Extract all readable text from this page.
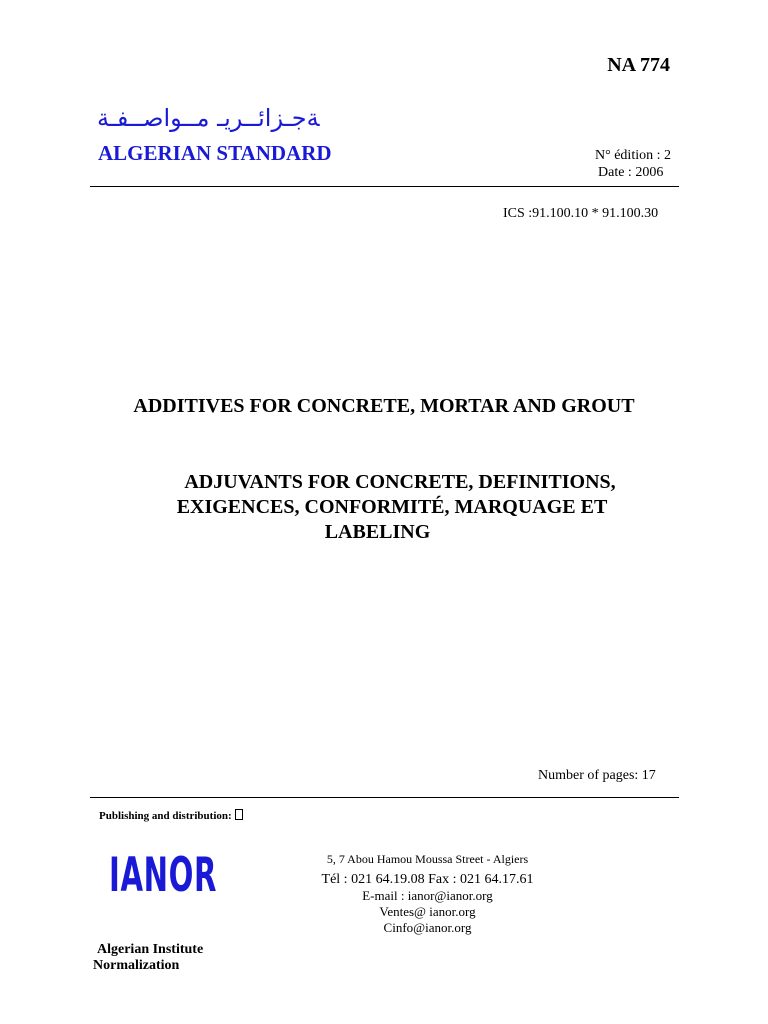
NA 774
ﺔﺟـﺰاﺋــﺮﯾـ ﻣــﻮاﺻــﻔـﺔ
ALGERIAN STANDARD	N° édition : 2
Date : 2006
ICS :91.100.10 * 91.100.30
ADDITIVES FOR CONCRETE, MORTAR AND GROUT
ADJUVANTS FOR CONCRETE, DEFINITIONS,
EXIGENCES, CONFORMITÉ, MARQUAGE ET
LABELING
Number of pages: 17
Publishing and distribution:
IANOR
Algerian Institute
Normalization
5, 7 Abou Hamou Moussa Street - Algiers
Tél : 021 64.19.08 Fax : 021 64.17.61
E-mail : ianor@ianor.org
Ventes@ ianor.org
Cinfo@ianor.org
